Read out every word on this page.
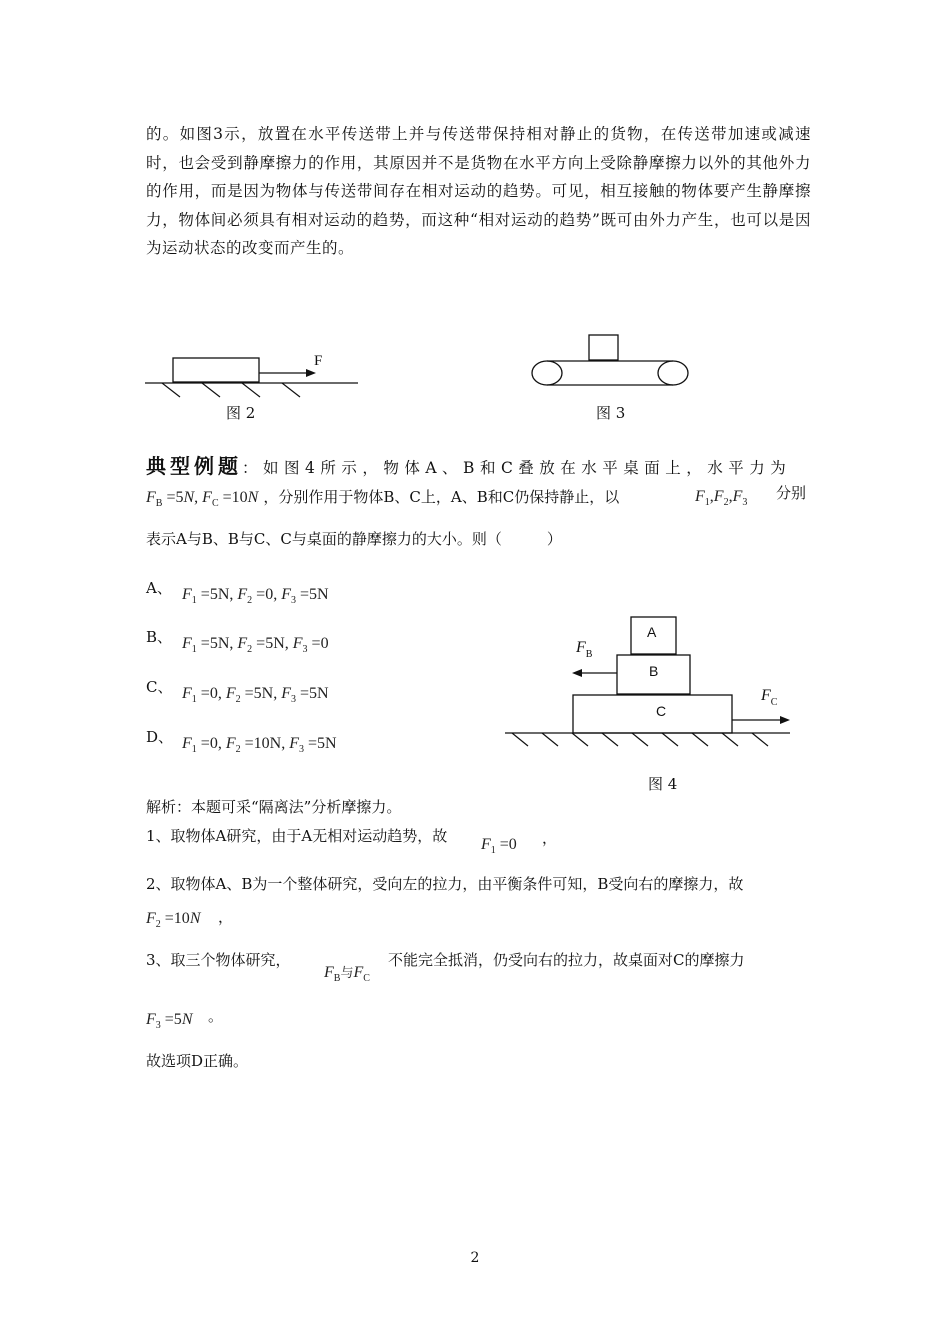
的。如图3示，放置在水平传送带上并与传送带保持相对静止的货物，在传送带加速或减速时，也会受到静摩擦力的作用，其原因并不是货物在水平方向上受除静摩擦力以外的其他外力的作用，而是因为物体与传送带间存在相对运动的趋势。可见，相互接触的物体要产生静摩擦力，物体间必须具有相对运动的趋势，而这种“相对运动的趋势”既可由外力产生，也可以是因为运动状态的改变而产生的。
F
图 2	图 3
典型例题：如图4所示，物体A、B和C叠放在水平桌面上，水平力为
$F_B =5N$, $F_C =10N$ ，分别作用于物体B、C上，A、B和C仍保持静止，以	$F_1,F_2,F_3$
分别
表示A与B、B与C、C与桌面的静摩擦力的大小。则（　　　）
A、 $F_1 =5N$, $F_2 =0$, $F_3 =5N$
B、 $F_1 =5N$, $F_2 =5N$, $F_3 =0$
C、 $F_1 =0$, $F_2 =5N$, $F_3 =5N$
D、 $F_1 =0$, $F_2 =10N$, $F_3 =5N$
A
B
C
$F_B$
$F_C$
图 4
解析：本题可采“隔离法”分析摩擦力。
1、取物体A研究，由于A无相对运动趋势，故 $F_1 =0$ ，
2、取物体A、B为一个整体研究，受向左的拉力，由平衡条件可知，B受向右的摩擦力，故
$F_2 =10N$ ，
3、取三个物体研究，
$F_B$与$F_C$
不能完全抵消，仍受向右的拉力，故桌面对C的摩擦力
$F_3 =5N$ 。
故选项D正确。
2
